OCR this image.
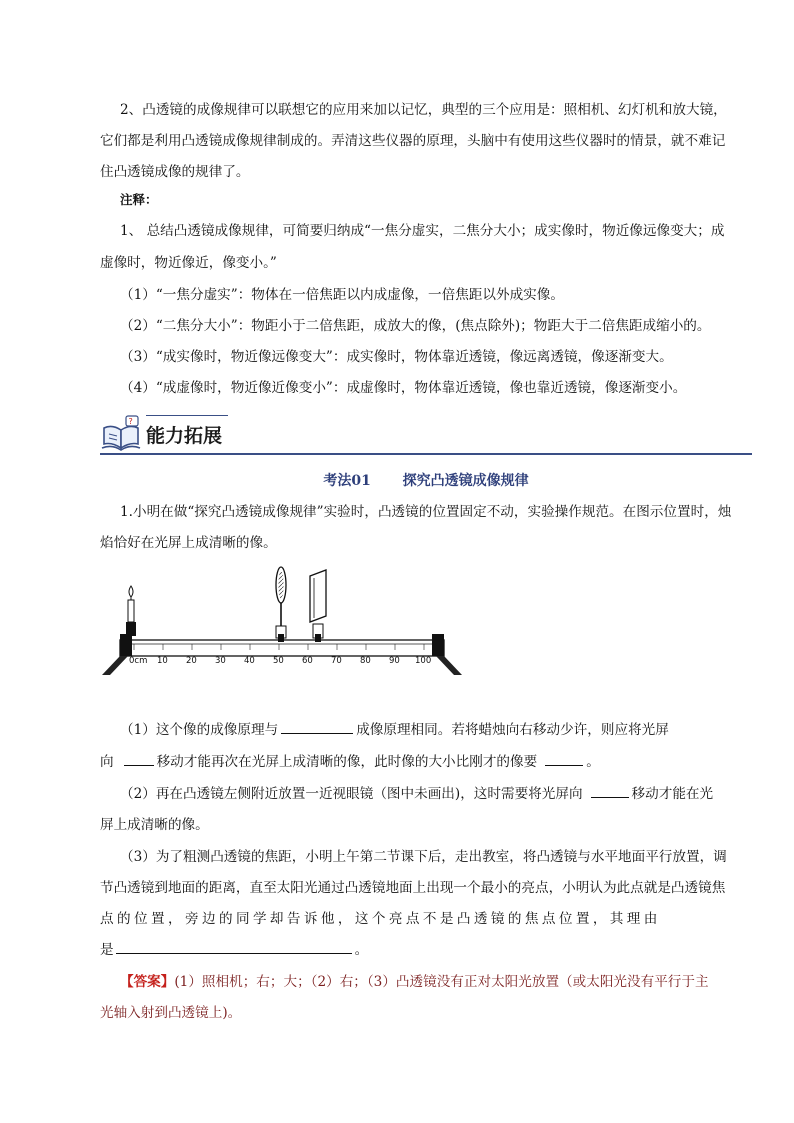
2、凸透镜的成像规律可以联想它的应用来加以记忆，典型的三个应用是：照相机、幻灯机和放大镜，
它们都是利用凸透镜成像规律制成的。弄清这些仪器的原理，头脑中有使用这些仪器时的情景，就不难记
住凸透镜成像的规律了。
注释：
1、 总结凸透镜成像规律，可简要归纳成“一焦分虚实，二焦分大小；成实像时，物近像远像变大；成
虚像时，物近像近，像变小。”
（1）“一焦分虚实”：物体在一倍焦距以内成虚像，一倍焦距以外成实像。
（2）“二焦分大小”：物距小于二倍焦距，成放大的像，(焦点除外)；物距大于二倍焦距成缩小的。
（3）“成实像时，物近像远像变大”：成实像时，物体靠近透镜，像远离透镜，像逐渐变大。
（4）“成虚像时，物近像近像变小”：成虚像时，物体靠近透镜，像也靠近透镜，像逐渐变小。
?
能力拓展
考法01 探究凸透镜成像规律
1.小明在做“探究凸透镜成像规律”实验时，凸透镜的位置固定不动，实验操作规范。在图示位置时，烛
焰恰好在光屏上成清晰的像。
0cm 10 20 30 40 50 60 70 80 90 100
（1）这个像的成像原理与	成像原理相同。若将蜡烛向右移动少许，则应将光屏
向	移动才能再次在光屏上成清晰的像，此时像的大小比刚才的像要	。
（2）再在凸透镜左侧附近放置一近视眼镜（图中未画出)，这时需要将光屏向	移动才能在光
屏上成清晰的像。
（3）为了粗测凸透镜的焦距，小明上午第二节课下后，走出教室，将凸透镜与水平地面平行放置，调
节凸透镜到地面的距离，直至太阳光通过凸透镜地面上出现一个最小的亮点，小明认为此点就是凸透镜焦
点的位置，旁边的同学却告诉他，这个亮点不是凸透镜的焦点位置，其理由
是	。
【答案】(1）照相机；右；大；（2）右；（3）凸透镜没有正对太阳光放置（或太阳光没有平行于主
光轴入射到凸透镜上)。
